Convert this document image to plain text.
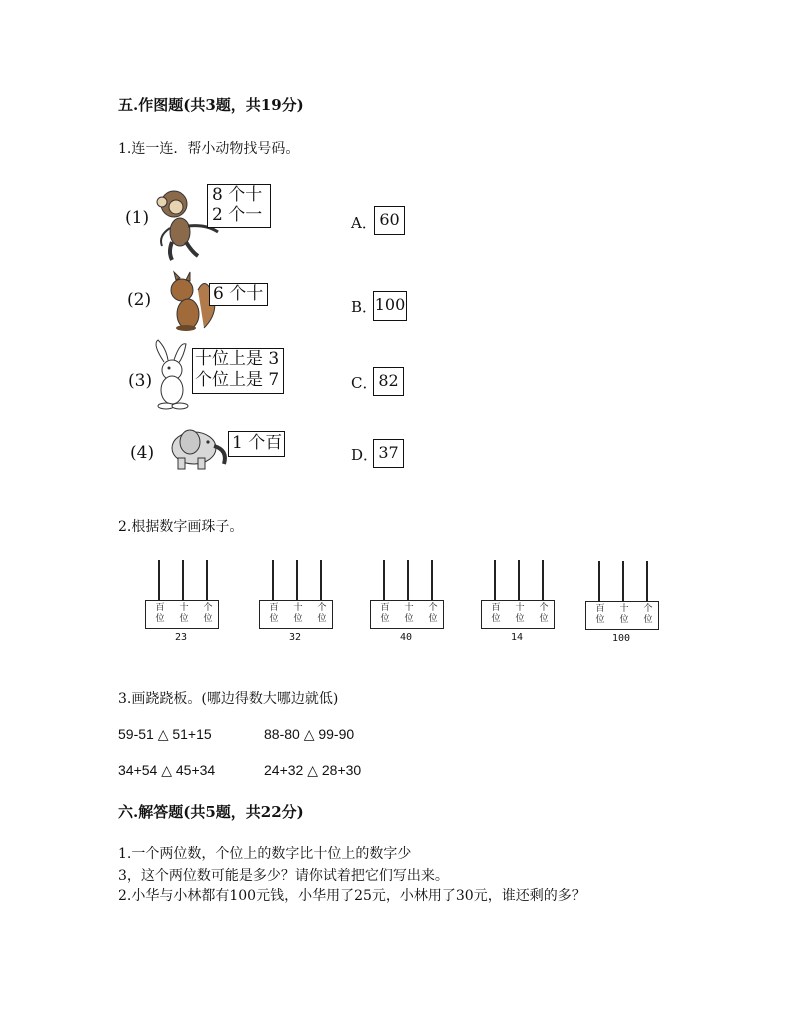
五.作图题(共3题，共19分)
1.连一连．帮小动物找号码。
(1)
8 个十
2 个一
(2)	6 个十
(3)
十位上是 3
个位上是 7
(4)	1 个百
A． 60
B．
100
C． 82
D． 37
2.根据数字画珠子。
百
位
十
位
个
位
23
百
位
十
位
个
位
32
百
位
十
位
个
位
40
百
位
十
位
个
位
14
百
位
十
位
个
位
100
3.画跷跷板。(哪边得数大哪边就低)
59-51 △ 51+15	88-80 △ 99-90
34+54 △ 45+34	24+32 △ 28+30
六.解答题(共5题，共22分)
1.一个两位数，个位上的数字比十位上的数字少
3，这个两位数可能是多少？请你试着把它们写出来。
2.小华与小林都有100元钱，小华用了25元，小林用了30元，谁还剩的多？
